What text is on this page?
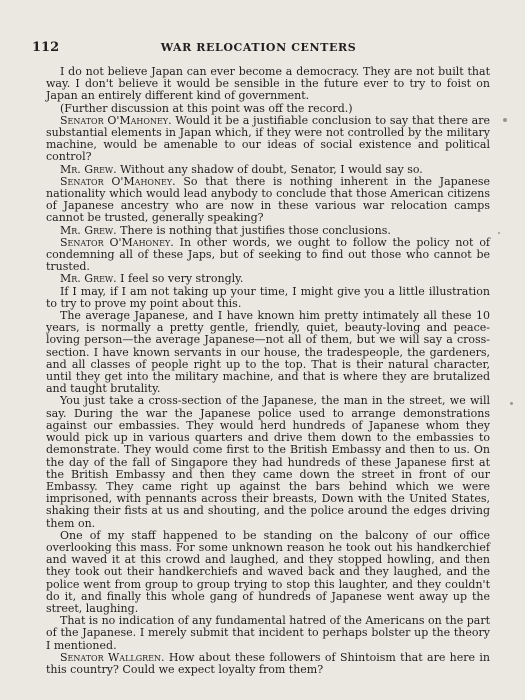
112	WAR RELOCATION CENTERS

I do not believe Japan can ever become a democracy. They are not built that way. I don't believe it would be sensible in the future ever to try to foist on Japan an entirely different kind of government.

(Further discussion at this point was off the record.)

Senator O'Mahoney. Would it be a justifiable conclusion to say that there are substantial elements in Japan which, if they were not controlled by the military machine, would be amenable to our ideas of social existence and political control?

Mr. Grew. Without any shadow of doubt, Senator, I would say so.

Senator O'Mahoney. So that there is nothing inherent in the Japanese nationality which would lead anybody to conclude that those American citizens of Japanese ancestry who are now in these various war relocation camps cannot be trusted, generally speaking?

Mr. Grew. There is nothing that justifies those conclusions.

Senator O'Mahoney. In other words, we ought to follow the policy not of condemning all of these Japs, but of seeking to find out those who cannot be trusted.

Mr. Grew. I feel so very strongly.

If I may, if I am not taking up your time, I might give you a little illustration to try to prove my point about this.

The average Japanese, and I have known him pretty intimately all these 10 years, is normally a pretty gentle, friendly, quiet, beauty-loving and peace-loving person—the average Japanese—not all of them, but we will say a cross-section. I have known servants in our house, the tradespeople, the gardeners, and all classes of people right up to the top. That is their natural character, until they get into the military machine, and that is where they are brutalized and taught brutality.

You just take a cross-section of the Japanese, the man in the street, we will say. During the war the Japanese police used to arrange demonstrations against our embassies. They would herd hundreds of Japanese whom they would pick up in various quarters and drive them down to the embassies to demonstrate. They would come first to the British Embassy and then to us. On the day of the fall of Singapore they had hundreds of these Japanese first at the British Embassy and then they came down the street in front of our Embassy. They came right up against the bars behind which we were imprisoned, with pennants across their breasts, Down with the United States, shaking their fists at us and shouting, and the police around the edges driving them on.

One of my staff happened to be standing on the balcony of our office overlooking this mass. For some unknown reason he took out his handkerchief and waved it at this crowd and laughed, and they stopped howling, and then they took out their handkerchiefs and waved back and they laughed, and the police went from group to group trying to stop this laughter, and they couldn't do it, and finally this whole gang of hundreds of Japanese went away up the street, laughing.

That is no indication of any fundamental hatred of the Americans on the part of the Japanese. I merely submit that incident to perhaps bolster up the theory I mentioned.

Senator Wallgren. How about these followers of Shintoism that are here in this country? Could we expect loyalty from them?
